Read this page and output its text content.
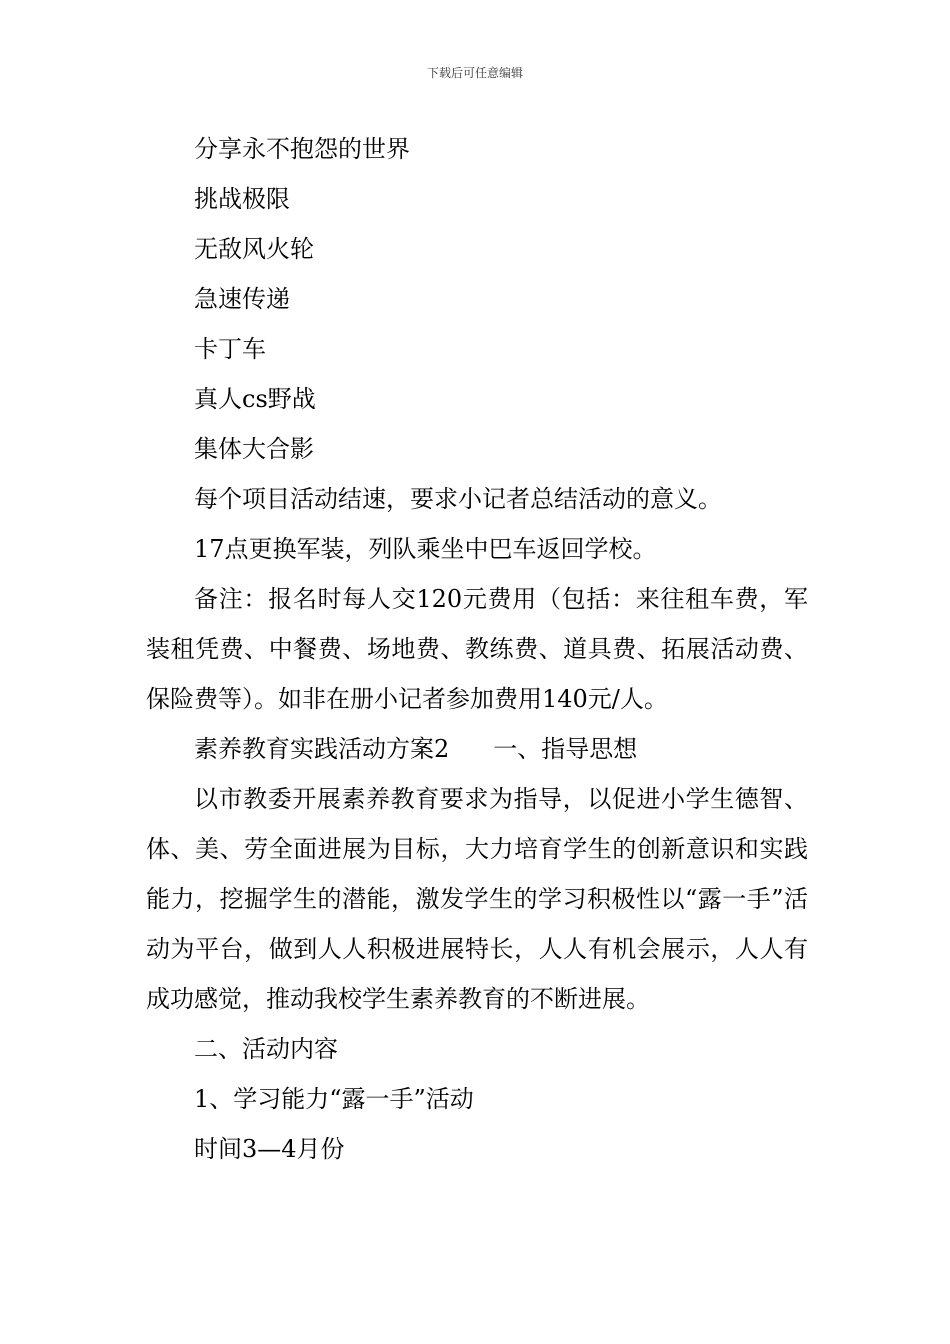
下载后可任意编辑

分享永不抱怨的世界

挑战极限

无敌风火轮

急速传递

卡丁车

真人cs野战

集体大合影

每个项目活动结速，要求小记者总结活动的意义。

17点更换军装，列队乘坐中巴车返回学校。

备注：报名时每人交120元费用（包括：来往租车费，军装租凭费、中餐费、场地费、教练费、道具费、拓展活动费、保险费等）。如非在册小记者参加费用140元/人。

素养教育实践活动方案2 一、指导思想

以市教委开展素养教育要求为指导，以促进小学生德智、体、美、劳全面进展为目标，大力培育学生的创新意识和实践能力，挖掘学生的潜能，激发学生的学习积极性以“露一手”活动为平台，做到人人积极进展特长，人人有机会展示，人人有成功感觉，推动我校学生素养教育的不断进展。

二、活动内容

1、学习能力“露一手”活动

时间3—4月份
